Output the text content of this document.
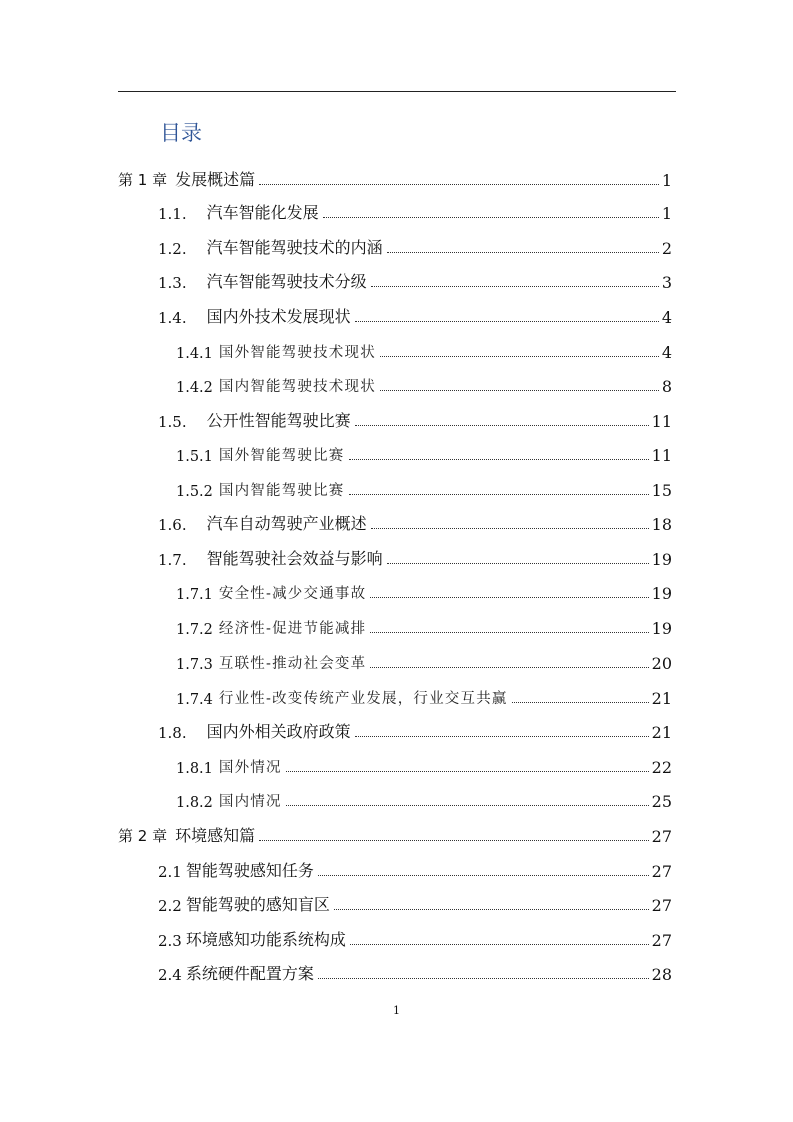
目录
第 1 章 发展概述篇	1
1.1. 汽车智能化发展	1
1.2. 汽车智能驾驶技术的内涵	2
1.3. 汽车智能驾驶技术分级	3
1.4. 国内外技术发展现状	4
1.4.1 国外智能驾驶技术现状	4
1.4.2 国内智能驾驶技术现状	8
1.5. 公开性智能驾驶比赛	11
1.5.1 国外智能驾驶比赛	11
1.5.2 国内智能驾驶比赛	15
1.6. 汽车自动驾驶产业概述	18
1.7. 智能驾驶社会效益与影响	19
1.7.1 安全性-减少交通事故	19
1.7.2 经济性-促进节能减排	19
1.7.3 互联性-推动社会变革	20
1.7.4 行业性-改变传统产业发展，行业交互共赢	21
1.8. 国内外相关政府政策	21
1.8.1 国外情况	22
1.8.2 国内情况	25
第 2 章 环境感知篇	27
2.1 智能驾驶感知任务	27
2.2 智能驾驶的感知盲区	27
2.3 环境感知功能系统构成	27
2.4 系统硬件配置方案	28
1
